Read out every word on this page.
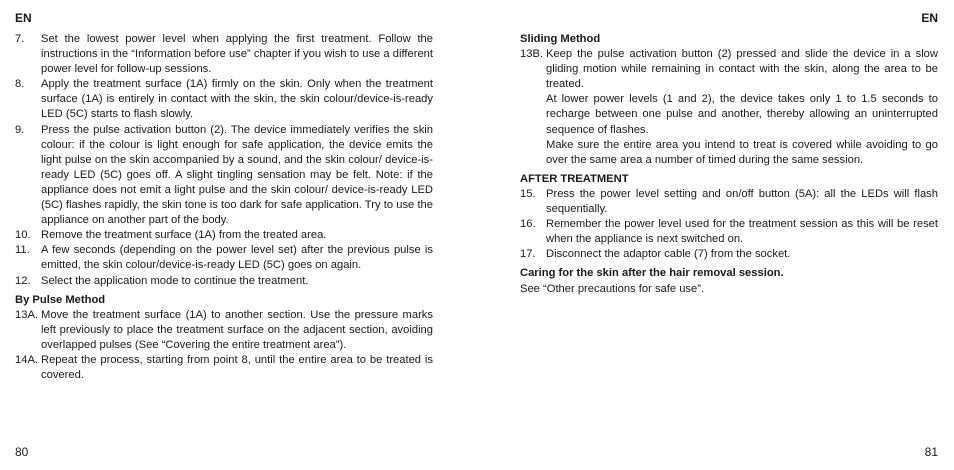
EN	EN
7.	Set the lowest power level when applying the first treatment. Follow the instructions in the “Information before use” chapter if you wish to use a different power level for follow-up sessions.
8.	Apply the treatment surface (1A) firmly on the skin. Only when the treatment surface (1A) is entirely in contact with the skin, the skin colour/device-is-ready LED (5C) starts to flash slowly.
9.	Press the pulse activation button (2). The device immediately verifies the skin colour: if the colour is light enough for safe application, the device emits the light pulse on the skin accompanied by a sound, and the skin colour/ device-is-ready LED (5C) goes off. A slight tingling sensation may be felt. Note: if the appliance does not emit a light pulse and the skin colour/ device-is-ready LED (5C) flashes rapidly, the skin tone is too dark for safe application. Try to use the appliance on another part of the body.
10. Remove the treatment surface (1A) from the treated area.
11.	A few seconds (depending on the power level set) after the previous pulse is emitted, the skin colour/device-is-ready LED (5C) goes on again.
12. Select the application mode to continue the treatment.
By Pulse Method
13A. Move the treatment surface (1A) to another section. Use the pressure marks left previously to place the treatment surface on the adjacent section, avoiding overlapped pulses (See “Covering the entire treatment area”).
14A. Repeat the process, starting from point 8, until the entire area to be treated is covered.
Sliding Method
13B. Keep the pulse activation button (2) pressed and slide the device in a slow gliding motion while remaining in contact with the skin, along the area to be treated.
At lower power levels (1 and 2), the device takes only 1 to 1.5 seconds to recharge between one pulse and another, thereby allowing an uninterrupted sequence of flashes.
Make sure the entire area you intend to treat is covered while avoiding to go over the same area a number of timed during the same session.
AFTER TREATMENT
15. Press the power level setting and on/off button (5A): all the LEDs will flash sequentially.
16. Remember the power level used for the treatment session as this will be reset when the appliance is next switched on.
17. Disconnect the adaptor cable (7) from the socket.
Caring for the skin after the hair removal session.
See “Other precautions for safe use”.
80	81
